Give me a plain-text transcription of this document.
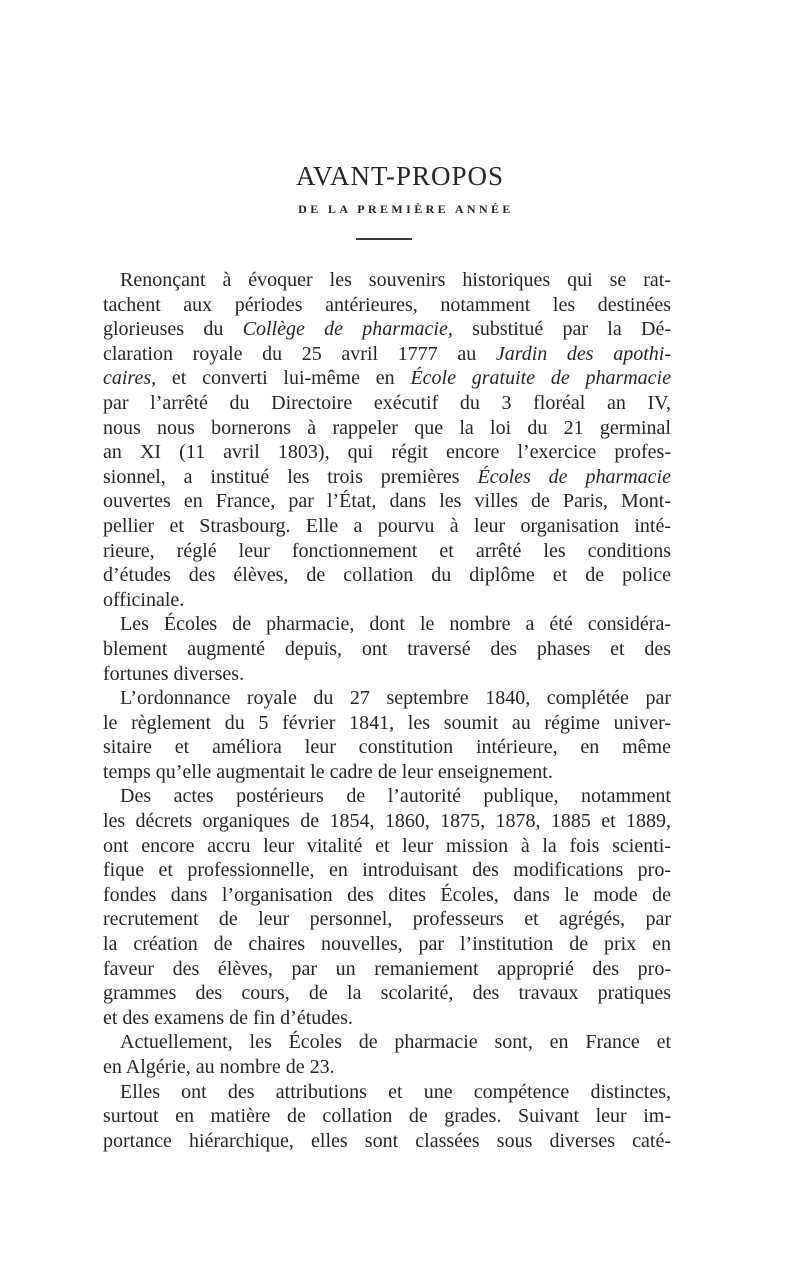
AVANT-PROPOS
DE LA PREMIÈRE ANNÉE
Renonçant à évoquer les souvenirs historiques qui se rat-
tachent aux périodes antérieures, notamment les destinées
glorieuses du Collège de pharmacie, substitué par la Dé-
claration royale du 25 avril 1777 au Jardin des apothi-
caires, et converti lui-même en École gratuite de pharmacie
par l’arrêté du Directoire exécutif du 3 floréal an IV,
nous nous bornerons à rappeler que la loi du 21 germinal
an XI (11 avril 1803), qui régit encore l’exercice profes-
sionnel, a institué les trois premières Écoles de pharmacie
ouvertes en France, par l’État, dans les villes de Paris, Mont-
pellier et Strasbourg. Elle a pourvu à leur organisation inté-
rieure, réglé leur fonctionnement et arrêté les conditions
d’études des élèves, de collation du diplôme et de police
officinale.
Les Écoles de pharmacie, dont le nombre a été considéra-
blement augmenté depuis, ont traversé des phases et des
fortunes diverses.
L’ordonnance royale du 27 septembre 1840, complétée par
le règlement du 5 février 1841, les soumit au régime univer-
sitaire et améliora leur constitution intérieure, en même
temps qu’elle augmentait le cadre de leur enseignement.
Des actes postérieurs de l’autorité publique, notamment
les décrets organiques de 1854, 1860, 1875, 1878, 1885 et 1889,
ont encore accru leur vitalité et leur mission à la fois scienti-
fique et professionnelle, en introduisant des modifications pro-
fondes dans l’organisation des dites Écoles, dans le mode de
recrutement de leur personnel, professeurs et agrégés, par
la création de chaires nouvelles, par l’institution de prix en
faveur des élèves, par un remaniement approprié des pro-
grammes des cours, de la scolarité, des travaux pratiques
et des examens de fin d’études.
Actuellement, les Écoles de pharmacie sont, en France et
en Algérie, au nombre de 23.
Elles ont des attributions et une compétence distinctes,
surtout en matière de collation de grades. Suivant leur im-
portance hiérarchique, elles sont classées sous diverses caté-
